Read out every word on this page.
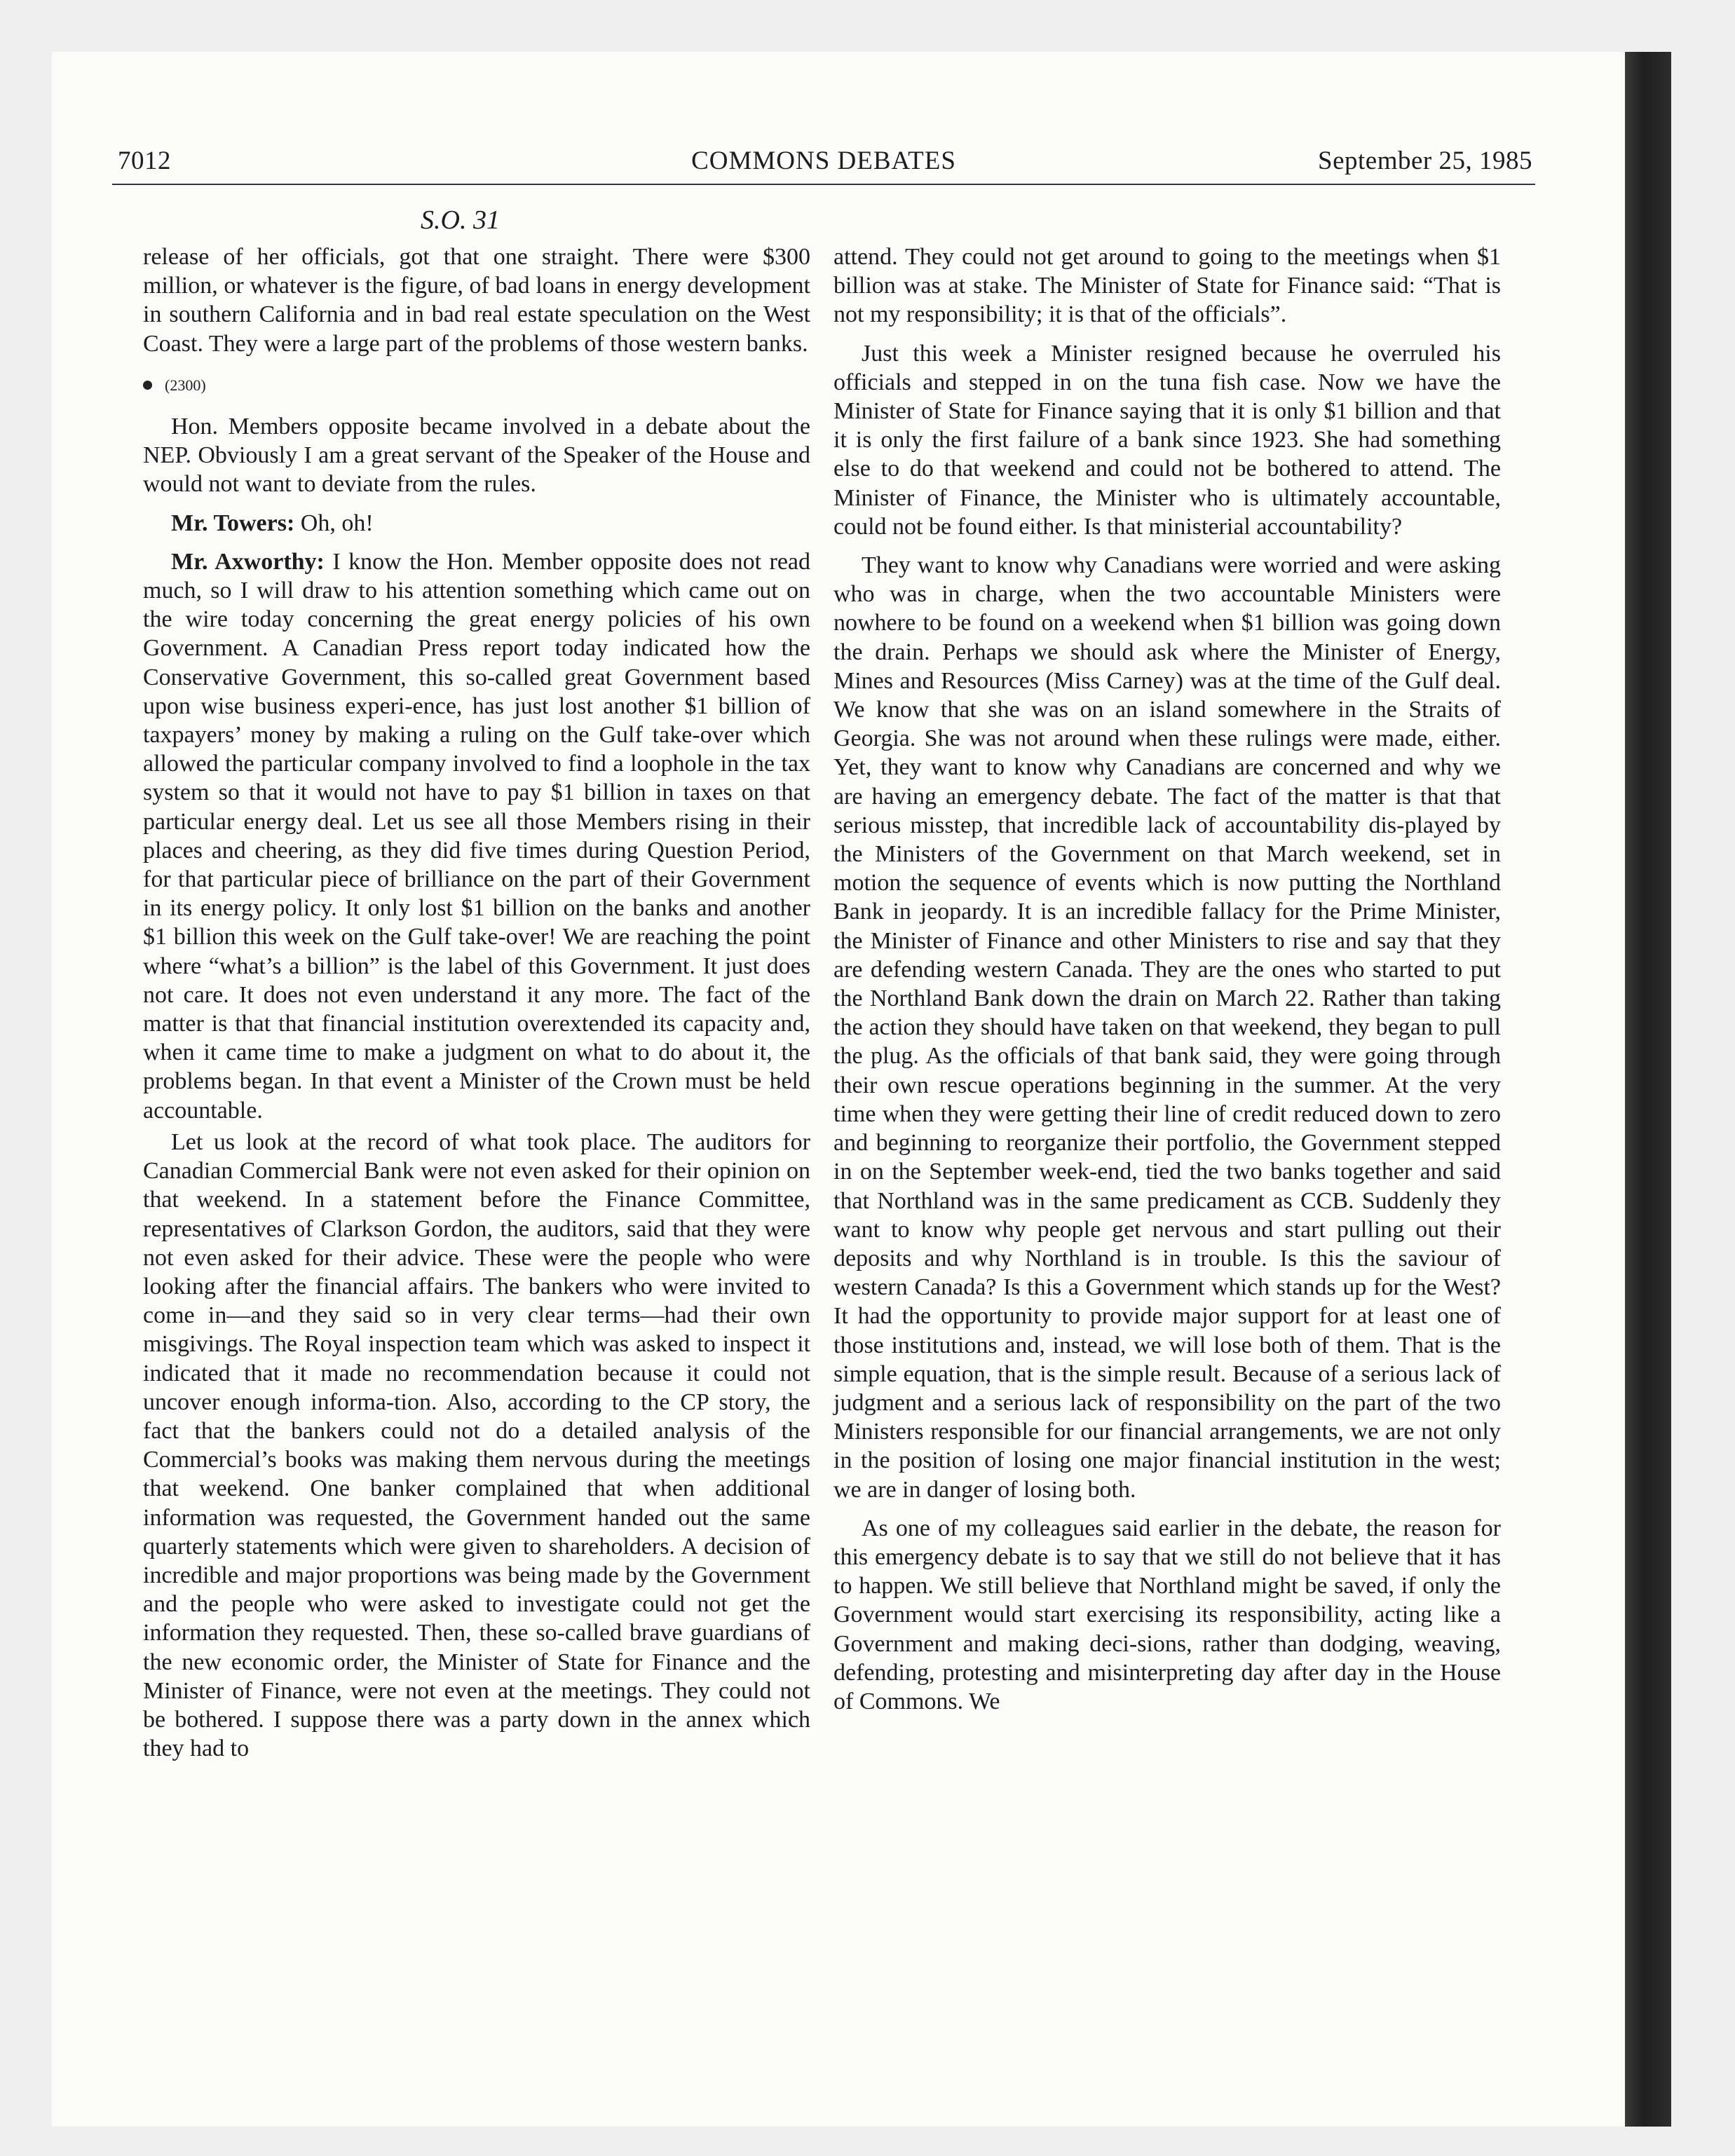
7012	COMMONS DEBATES	September 25, 1985
S.O. 31

release of her officials, got that one straight. There were $300 million, or whatever is the figure, of bad loans in energy development in southern California and in bad real estate speculation on the West Coast. They were a large part of the problems of those western banks.

(2300)

Hon. Members opposite became involved in a debate about the NEP. Obviously I am a great servant of the Speaker of the House and would not want to deviate from the rules.

Mr. Towers: Oh, oh!

Mr. Axworthy: I know the Hon. Member opposite does not read much, so I will draw to his attention something which came out on the wire today concerning the great energy policies of his own Government. A Canadian Press report today indicated how the Conservative Government, this so-called great Government based upon wise business experi-ence, has just lost another $1 billion of taxpayers’ money by making a ruling on the Gulf take-over which allowed the particular company involved to find a loophole in the tax system so that it would not have to pay $1 billion in taxes on that particular energy deal. Let us see all those Members rising in their places and cheering, as they did five times during Question Period, for that particular piece of brilliance on the part of their Government in its energy policy. It only lost $1 billion on the banks and another $1 billion this week on the Gulf take-over! We are reaching the point where “what’s a billion” is the label of this Government. It just does not care. It does not even understand it any more. The fact of the matter is that that financial institution overextended its capacity and, when it came time to make a judgment on what to do about it, the problems began. In that event a Minister of the Crown must be held accountable.

Let us look at the record of what took place. The auditors for Canadian Commercial Bank were not even asked for their opinion on that weekend. In a statement before the Finance Committee, representatives of Clarkson Gordon, the auditors, said that they were not even asked for their advice. These were the people who were looking after the financial affairs. The bankers who were invited to come in—and they said so in very clear terms—had their own misgivings. The Royal inspection team which was asked to inspect it indicated that it made no recommendation because it could not uncover enough informa-tion. Also, according to the CP story, the fact that the bankers could not do a detailed analysis of the Commercial’s books was making them nervous during the meetings that weekend. One banker complained that when additional information was requested, the Government handed out the same quarterly statements which were given to shareholders. A decision of incredible and major proportions was being made by the Government and the people who were asked to investigate could not get the information they requested. Then, these so-called brave guardians of the new economic order, the Minister of State for Finance and the Minister of Finance, were not even at the meetings. They could not be bothered. I suppose there was a party down in the annex which they had to

attend. They could not get around to going to the meetings when $1 billion was at stake. The Minister of State for Finance said: “That is not my responsibility; it is that of the officials”.

Just this week a Minister resigned because he overruled his officials and stepped in on the tuna fish case. Now we have the Minister of State for Finance saying that it is only $1 billion and that it is only the first failure of a bank since 1923. She had something else to do that weekend and could not be bothered to attend. The Minister of Finance, the Minister who is ultimately accountable, could not be found either. Is that ministerial accountability?

They want to know why Canadians were worried and were asking who was in charge, when the two accountable Ministers were nowhere to be found on a weekend when $1 billion was going down the drain. Perhaps we should ask where the Minister of Energy, Mines and Resources (Miss Carney) was at the time of the Gulf deal. We know that she was on an island somewhere in the Straits of Georgia. She was not around when these rulings were made, either. Yet, they want to know why Canadians are concerned and why we are having an emergency debate. The fact of the matter is that that serious misstep, that incredible lack of accountability dis-played by the Ministers of the Government on that March weekend, set in motion the sequence of events which is now putting the Northland Bank in jeopardy. It is an incredible fallacy for the Prime Minister, the Minister of Finance and other Ministers to rise and say that they are defending western Canada. They are the ones who started to put the Northland Bank down the drain on March 22. Rather than taking the action they should have taken on that weekend, they began to pull the plug. As the officials of that bank said, they were going through their own rescue operations beginning in the summer. At the very time when they were getting their line of credit reduced down to zero and beginning to reorganize their portfolio, the Government stepped in on the September week-end, tied the two banks together and said that Northland was in the same predicament as CCB. Suddenly they want to know why people get nervous and start pulling out their deposits and why Northland is in trouble. Is this the saviour of western Canada? Is this a Government which stands up for the West? It had the opportunity to provide major support for at least one of those institutions and, instead, we will lose both of them. That is the simple equation, that is the simple result. Because of a serious lack of judgment and a serious lack of responsibility on the part of the two Ministers responsible for our financial arrangements, we are not only in the position of losing one major financial institution in the west; we are in danger of losing both.

As one of my colleagues said earlier in the debate, the reason for this emergency debate is to say that we still do not believe that it has to happen. We still believe that Northland might be saved, if only the Government would start exercising its responsibility, acting like a Government and making deci-sions, rather than dodging, weaving, defending, protesting and misinterpreting day after day in the House of Commons. We
